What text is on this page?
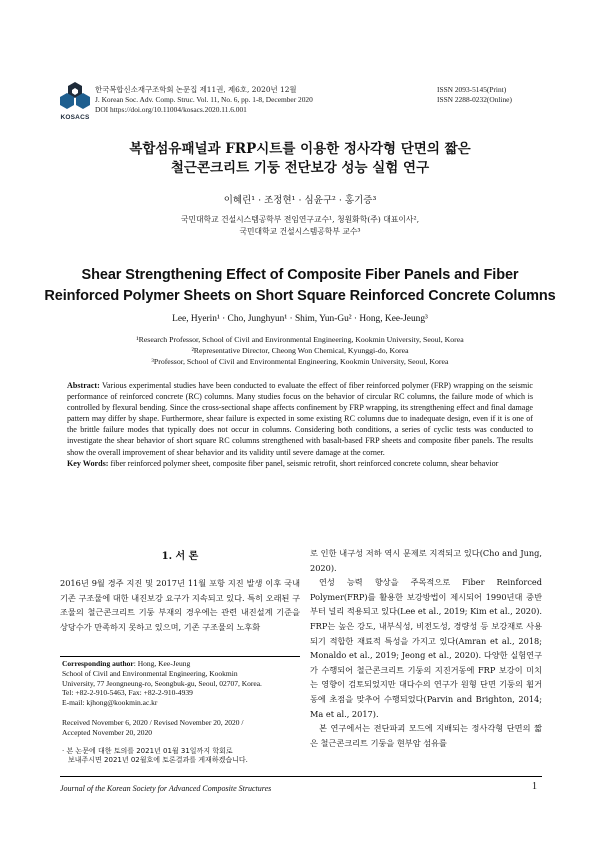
KOSACS
한국복합신소재구조학회 논문집 제11권, 제6호, 2020년 12월
J. Korean Soc. Adv. Comp. Struc. Vol. 11, No. 6, pp. 1-8, December 2020
DOI https://doi.org/10.11004/kosacs.2020.11.6.001
ISSN 2093-5145(Print)
ISSN 2288-0232(Online)
복합섬유패널과 FRP시트를 이용한 정사각형 단면의 짧은
철근콘크리트 기둥 전단보강 성능 실험 연구
이혜린¹ · 조정현¹ · 심윤구² · 홍기증³
국민대학교 건설시스템공학부 전임연구교수¹, 청원화학(주) 대표이사²,
국민대학교 건설시스템공학부 교수³
Shear Strengthening Effect of Composite Fiber Panels and Fiber
Reinforced Polymer Sheets on Short Square Reinforced Concrete Columns
Lee, Hyerin¹ · Cho, Junghyun¹ · Shim, Yun-Gu² · Hong, Kee-Jeung³
¹Research Professor, School of Civil and Environmental Engineering, Kookmin University, Seoul, Korea
²Representative Director, Cheong Won Chemical, Kyunggi-do, Korea
³Professor, School of Civil and Environmental Engineering, Kookmin University, Seoul, Korea

Abstract: Various experimental studies have been conducted to evaluate the effect of fiber reinforced polymer (FRP) wrapping on the seismic performance of reinforced concrete (RC) columns. Many studies focus on the behavior of circular RC columns, the failure mode of which is controlled by flexural bending. Since the cross-sectional shape affects confinement by FRP wrapping, its strengthening effect and final damage pattern may differ by shape. Furthermore, shear failure is expected in some existing RC columns due to inadequate design, even if it is one of the brittle failure modes that typically does not occur in columns. Considering both conditions, a series of cyclic tests was conducted to investigate the shear behavior of short square RC columns strengthened with basalt-based FRP sheets and composite fiber panels. The results show the overall improvement of shear behavior and its validity until severe damage at the corner.

Key Words: fiber reinforced polymer sheet, composite fiber panel, seismic retrofit, short reinforced concrete column, shear behavior

1. 서 론
2016년 9월 경주 지진 및 2017년 11월 포항 지진 발생 이후 국내 기존 구조물에 대한 내진보강 요구가 지속되고 있다. 특히 오래된 구조물의 철근콘크리트 기둥 부재의 경우에는 관련 내진설계 기준을 상당수가 만족하지 못하고 있으며, 기존 구조물의 노후화
Corresponding author: Hong, Kee-Jeung
School of Civil and Environmental Engineering, Kookmin
University, 77 Jeongneung-ro, Seongbuk-gu, Seoul, 02707, Korea.
Tel: +82-2-910-5463, Fax: +82-2-910-4939
E-mail: kjhong@kookmin.ac.kr
Received November 6, 2020 / Revised November 20, 2020 /
Accepted November 20, 2020
· 본 논문에 대한 토의를 2021년 01월 31일까지 학회로
보내주시면 2021년 02월호에 토론결과를 게재하겠습니다.

로 인한 내구성 저하 역시 문제로 지적되고 있다(Cho and Jung, 2020).

연성 능력 향상을 주목적으로 Fiber Reinforced Polymer(FRP)를 활용한 보강방법이 제시되어 1990년대 중반부터 널리 적용되고 있다(Lee et al., 2019; Kim et al., 2020). FRP는 높은 강도, 내부식성, 비전도성, 경량성 등 보강재로 사용되기 적합한 재료적 특성을 가지고 있다(Amran et al., 2018; Monaldo et al., 2019; Jeong et al., 2020). 다양한 실험연구가 수행되어 철근콘크리트 기둥의 지진거동에 FRP 보강이 미치는 영향이 검토되었지만 대다수의 연구가 원형 단면 기둥의 휨거동에 초점을 맞추어 수행되었다(Parvin and Brighton, 2014; Ma et al., 2017).

본 연구에서는 전단파괴 모드에 지배되는 정사각형 단면의 짧은 철근콘크리트 기둥을 현부암 섬유를

Journal of the Korean Society for Advanced Composite Structures	1
